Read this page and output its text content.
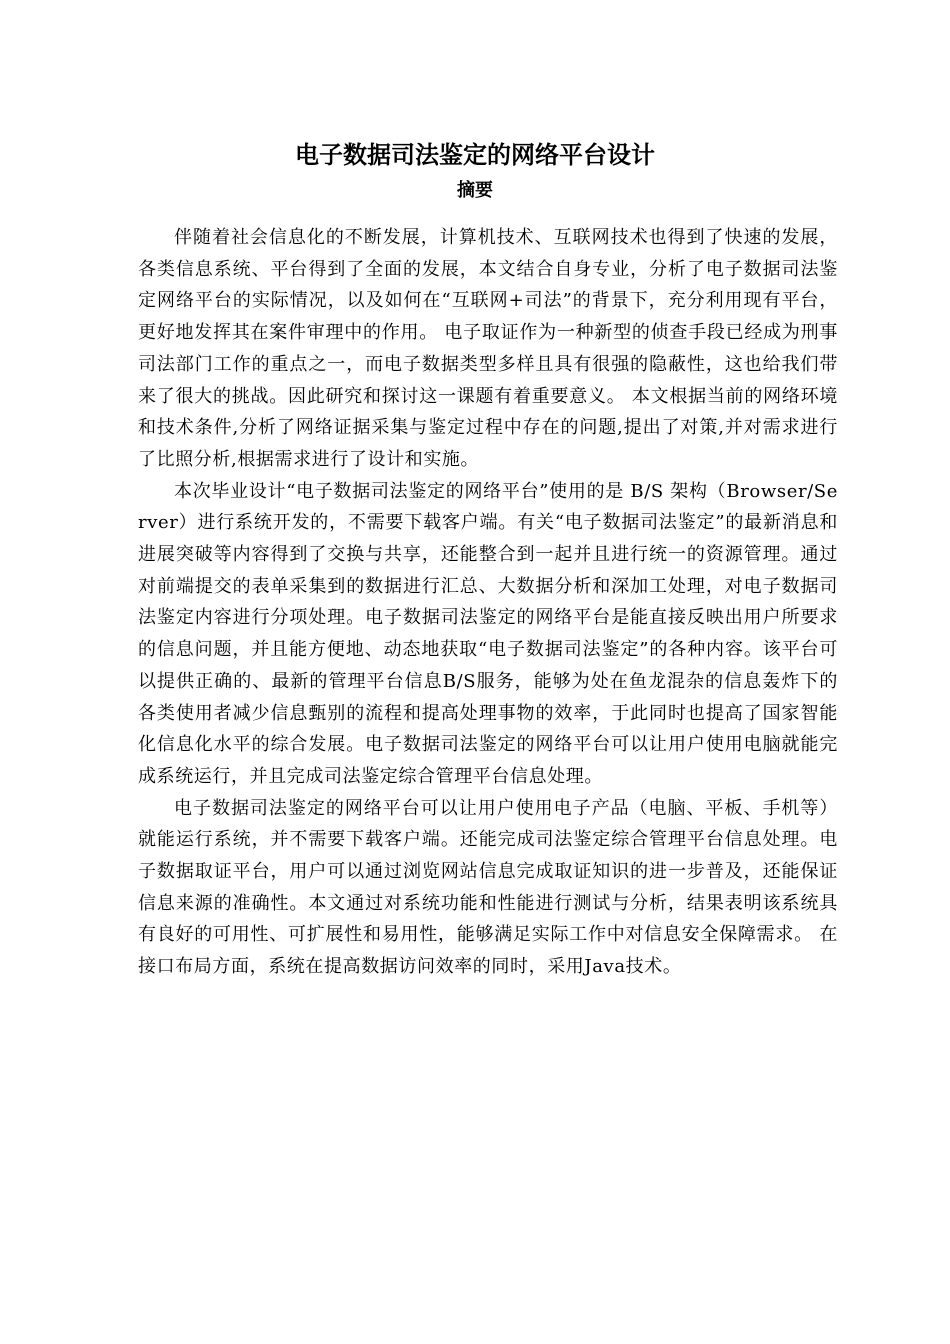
电子数据司法鉴定的网络平台设计
摘要

伴随着社会信息化的不断发展，计算机技术、互联网技术也得到了快速的发展，各类信息系统、平台得到了全面的发展，本文结合自身专业，分析了电子数据司法鉴定网络平台的实际情况，以及如何在“互联网+司法”的背景下，充分利用现有平台，更好地发挥其在案件审理中的作用。 电子取证作为一种新型的侦查手段已经成为刑事司法部门工作的重点之一，而电子数据类型多样且具有很强的隐蔽性，这也给我们带来了很大的挑战。因此研究和探讨这一课题有着重要意义。 本文根据当前的网络环境和技术条件,分析了网络证据采集与鉴定过程中存在的问题,提出了对策,并对需求进行了比照分析,根据需求进行了设计和实施。

本次毕业设计“电子数据司法鉴定的网络平台”使用的是 B/S 架构（Browser/Server）进行系统开发的，不需要下载客户端。有关“电子数据司法鉴定”的最新消息和进展突破等内容得到了交换与共享，还能整合到一起并且进行统一的资源管理。通过对前端提交的表单采集到的数据进行汇总、大数据分析和深加工处理，对电子数据司法鉴定内容进行分项处理。电子数据司法鉴定的网络平台是能直接反映出用户所要求的信息问题，并且能方便地、动态地获取“电子数据司法鉴定”的各种内容。该平台可以提供正确的、最新的管理平台信息B/S服务，能够为处在鱼龙混杂的信息轰炸下的各类使用者减少信息甄别的流程和提高处理事物的效率，于此同时也提高了国家智能化信息化水平的综合发展。电子数据司法鉴定的网络平台可以让用户使用电脑就能完成系统运行，并且完成司法鉴定综合管理平台信息处理。

电子数据司法鉴定的网络平台可以让用户使用电子产品（电脑、平板、手机等）就能运行系统，并不需要下载客户端。还能完成司法鉴定综合管理平台信息处理。电子数据取证平台，用户可以通过浏览网站信息完成取证知识的进一步普及，还能保证信息来源的准确性。本文通过对系统功能和性能进行测试与分析，结果表明该系统具有良好的可用性、可扩展性和易用性，能够满足实际工作中对信息安全保障需求。 在接口布局方面，系统在提高数据访问效率的同时，采用Java技术。
